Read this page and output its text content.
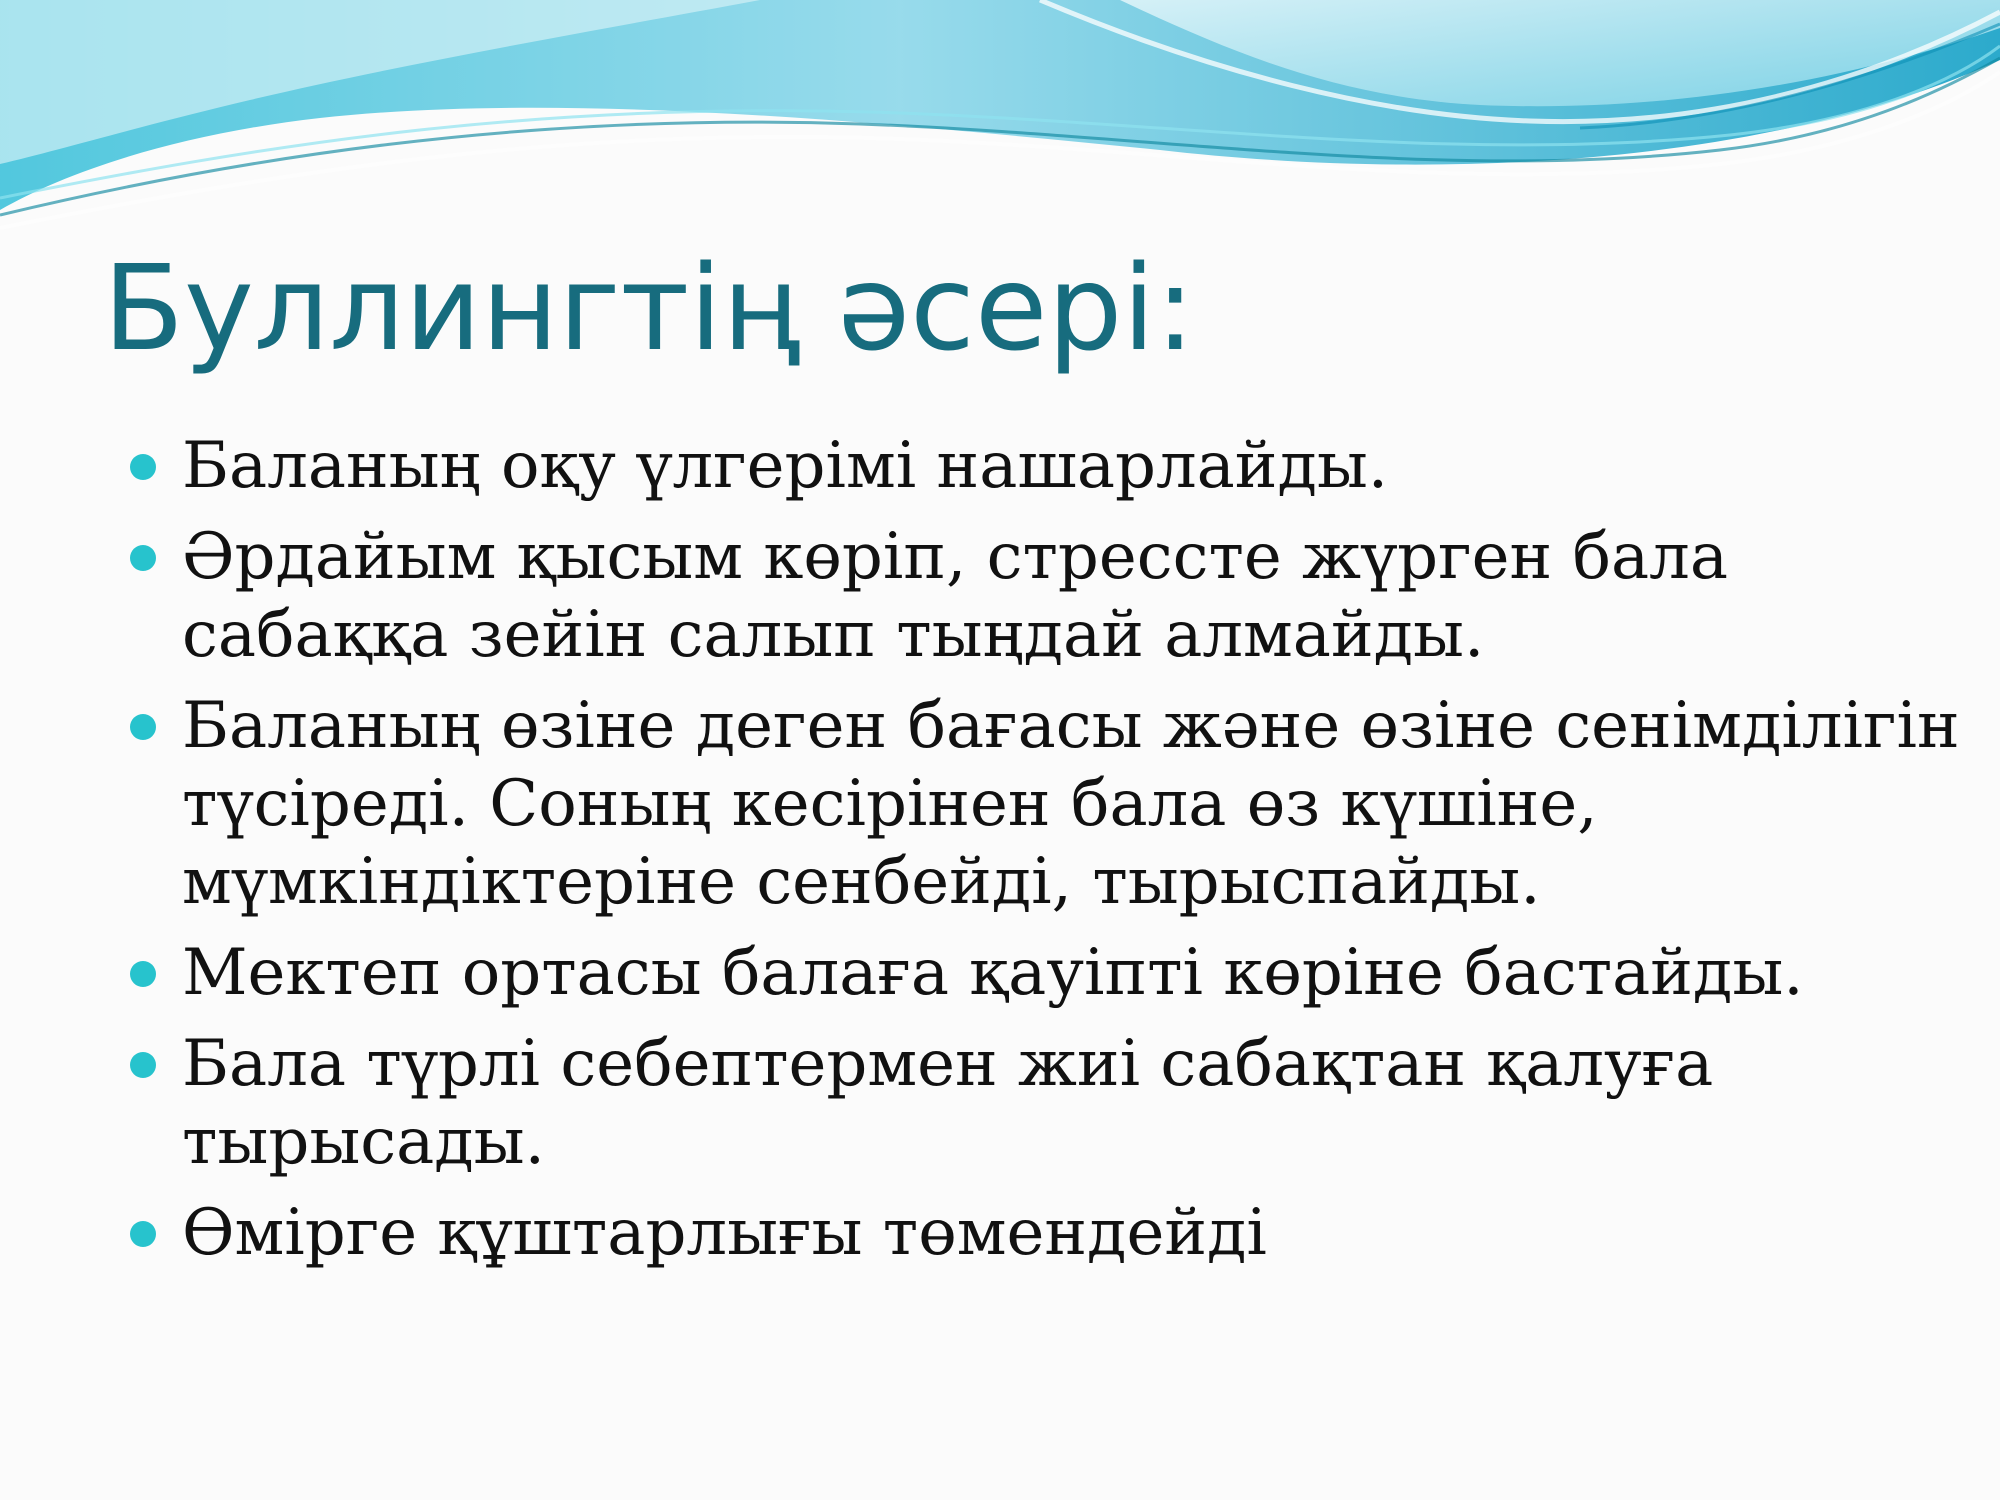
Буллингтің әсері:
Баланың оқу үлгерімі нашарлайды.
Әрдайым қысым көріп, стрессте жүрген бала сабаққа зейін салып тыңдай алмайды.
Баланың өзіне деген бағасы және өзіне сенімділігін түсіреді. Соның кесірінен бала өз күшіне, мүмкіндіктеріне сенбейді, тырыспайды.
Мектеп ортасы балаға қауіпті көріне бастайды.
Бала түрлі себептермен жиі сабақтан қалуға тырысады.
Өмірге құштарлығы төмендейді
